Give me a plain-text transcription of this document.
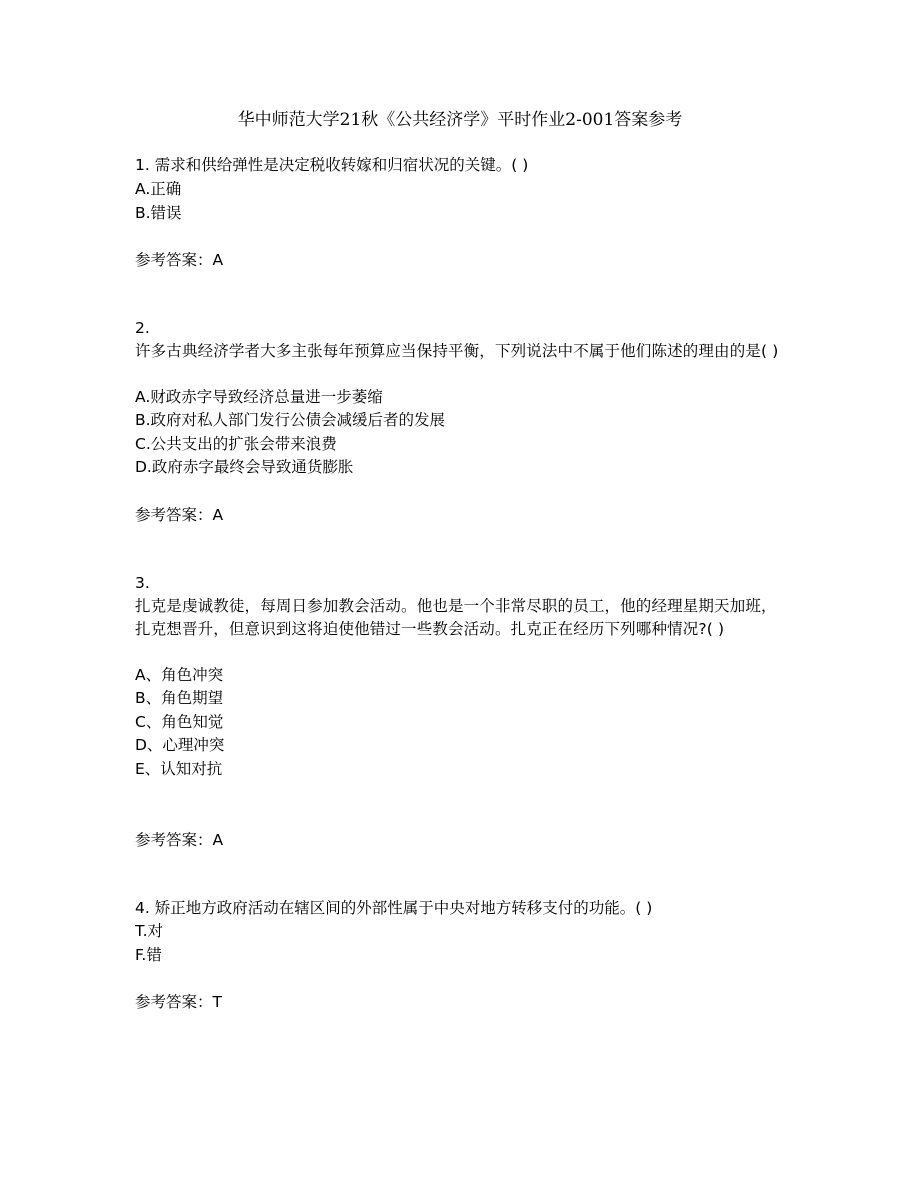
华中师范大学21秋《公共经济学》平时作业2-001答案参考
1. 需求和供给弹性是决定税收转嫁和归宿状况的关键。( )
A.正确
B.错误
参考答案：A
2.
许多古典经济学者大多主张每年预算应当保持平衡，下列说法中不属于他们陈述的理由的是( )
A.财政赤字导致经济总量进一步萎缩
B.政府对私人部门发行公债会减缓后者的发展
C.公共支出的扩张会带来浪费
D.政府赤字最终会导致通货膨胀
参考答案：A
3.
扎克是虔诚教徒，每周日参加教会活动。他也是一个非常尽职的员工，他的经理星期天加班，扎克想晋升，但意识到这将迫使他错过一些教会活动。扎克正在经历下列哪种情况?( )
A、角色冲突
B、角色期望
C、角色知觉
D、心理冲突
E、认知对抗
参考答案：A
4. 矫正地方政府活动在辖区间的外部性属于中央对地方转移支付的功能。( )
T.对
F.错
参考答案：T
